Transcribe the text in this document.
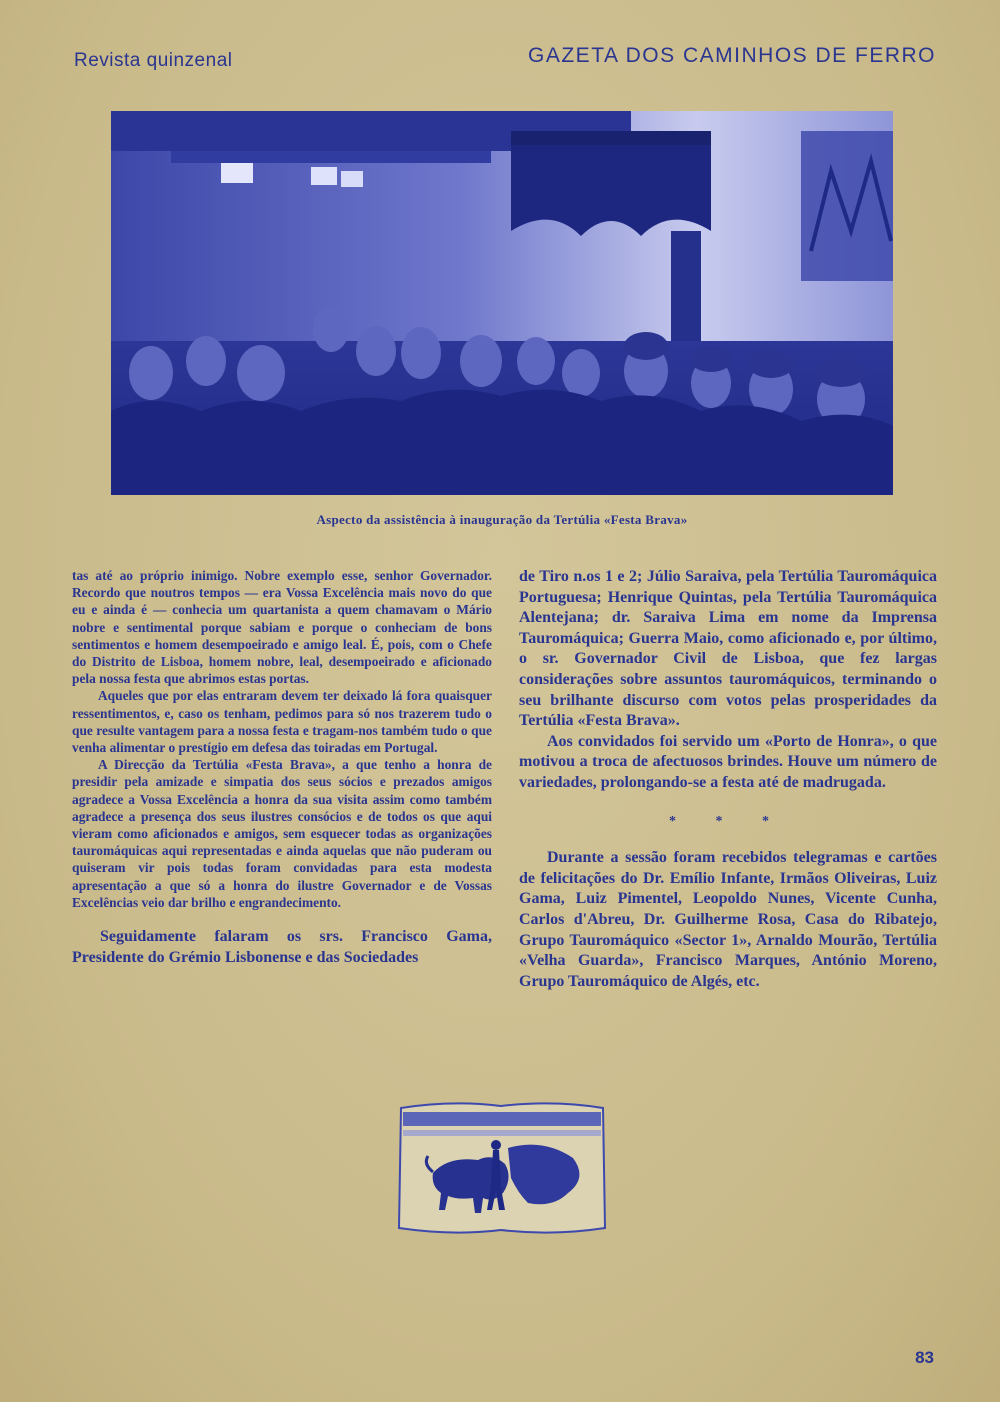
Revista quinzenal	GAZETA DOS CAMINHOS DE FERRO
Aspecto da assistência à inauguração da Tertúlia «Festa Brava»

tas até ao próprio inimigo. Nobre exemplo esse, senhor Governador. Recordo que noutros tempos — era Vossa Excelência mais novo do que eu e ainda é — conhecia um quartanista a quem chamavam o Mário nobre e sentimental porque sabiam e porque o conheciam de bons sentimentos e homem desempoeirado e amigo leal. É, pois, com o Chefe do Distrito de Lisboa, homem nobre, leal, desempoeirado e aficionado pela nossa festa que abrimos estas portas.

Aqueles que por elas entraram devem ter deixado lá fora quaisquer ressentimentos, e, caso os tenham, pedimos para só nos trazerem tudo o que resulte vantagem para a nossa festa e tragam-nos também tudo o que venha alimentar o prestígio em defesa das toiradas em Portugal.

A Direcção da Tertúlia «Festa Brava», a que tenho a honra de presidir pela amizade e simpatia dos seus sócios e prezados amigos agradece a Vossa Excelência a honra da sua visita assim como também agradece a presença dos seus ilustres consócios e de todos os que aqui vieram como aficionados e amigos, sem esquecer todas as organizações tauromáquicas aqui representadas e ainda aquelas que não puderam ou quiseram vir pois todas foram convidadas para esta modesta apresentação a que só a honra do ilustre Governador e de Vossas Excelências veio dar brilho e engrandecimento.

Seguidamente falaram os srs. Francisco Gama, Presidente do Grémio Lisbonense e das Sociedades

de Tiro n.os 1 e 2; Júlio Saraiva, pela Tertúlia Tauromáquica Portuguesa; Henrique Quintas, pela Tertúlia Tauromáquica Alentejana; dr. Saraiva Lima em nome da Imprensa Tauromáquica; Guerra Maio, como aficionado e, por último, o sr. Governador Civil de Lisboa, que fez largas considerações sobre assuntos tauromáquicos, terminando o seu brilhante discurso com votos pelas prosperidades da Tertúlia «Festa Brava».

Aos convidados foi servido um «Porto de Honra», o que motivou a troca de afectuosos brindes. Houve um número de variedades, prolongando-se a festa até de madrugada.

* * *

Durante a sessão foram recebidos telegramas e cartões de felicitações do Dr. Emílio Infante, Irmãos Oliveiras, Luiz Gama, Luiz Pimentel, Leopoldo Nunes, Vicente Cunha, Carlos d'Abreu, Dr. Guilherme Rosa, Casa do Ribatejo, Grupo Tauromáquico «Sector 1», Arnaldo Mourão, Tertúlia «Velha Guarda», Francisco Marques, António Moreno, Grupo Tauromáquico de Algés, etc.

83
